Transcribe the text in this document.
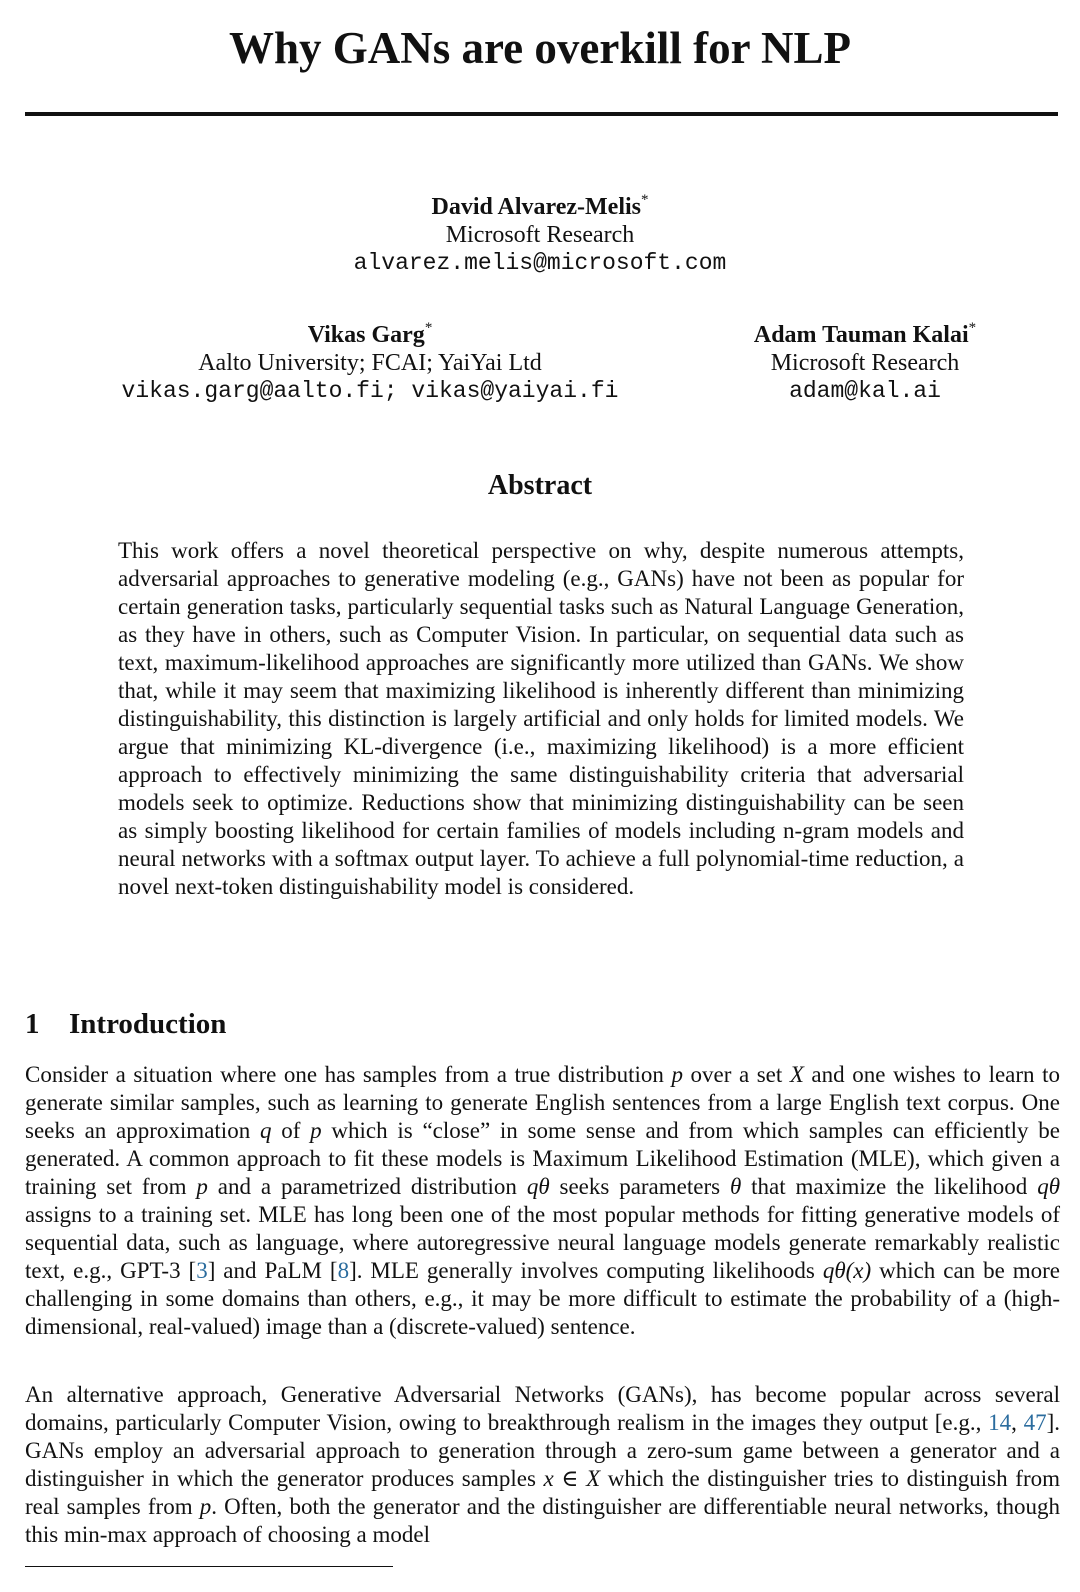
Why GANs are overkill for NLP
David Alvarez-Melis*
Microsoft Research
alvarez.melis@microsoft.com
Vikas Garg*
Aalto University; FCAI; YaiYai Ltd
vikas.garg@aalto.fi; vikas@yaiyai.fi
Adam Tauman Kalai*
Microsoft Research
adam@kal.ai
Abstract
This work offers a novel theoretical perspective on why, despite numerous attempts, adversarial approaches to generative modeling (e.g., GANs) have not been as popular for certain generation tasks, particularly sequential tasks such as Natural Language Generation, as they have in others, such as Computer Vision. In particular, on sequential data such as text, maximum-likelihood approaches are significantly more utilized than GANs. We show that, while it may seem that maximizing likelihood is inherently different than minimizing distinguishability, this distinction is largely artificial and only holds for limited models. We argue that minimizing KL-divergence (i.e., maximizing likelihood) is a more efficient approach to effectively minimizing the same distinguishability criteria that adversarial models seek to optimize. Reductions show that minimizing distinguishability can be seen as simply boosting likelihood for certain families of models including n-gram models and neural networks with a softmax output layer. To achieve a full polynomial-time reduction, a novel next-token distinguishability model is considered.
1 Introduction
Consider a situation where one has samples from a true distribution p over a set X and one wishes to learn to generate similar samples, such as learning to generate English sentences from a large English text corpus. One seeks an approximation q of p which is “close” in some sense and from which samples can efficiently be generated. A common approach to fit these models is Maximum Likelihood Estimation (MLE), which given a training set from p and a parametrized distribution qθ seeks parameters θ that maximize the likelihood qθ assigns to a training set. MLE has long been one of the most popular methods for fitting generative models of sequential data, such as language, where autoregressive neural language models generate remarkably realistic text, e.g., GPT-3 [3] and PaLM [8]. MLE generally involves computing likelihoods qθ(x) which can be more challenging in some domains than others, e.g., it may be more difficult to estimate the probability of a (high-dimensional, real-valued) image than a (discrete-valued) sentence.
An alternative approach, Generative Adversarial Networks (GANs), has become popular across several domains, particularly Computer Vision, owing to breakthrough realism in the images they output [e.g., 14, 47]. GANs employ an adversarial approach to generation through a zero-sum game between a generator and a distinguisher in which the generator produces samples x ∈ X which the distinguisher tries to distinguish from real samples from p. Often, both the generator and the distinguisher are differentiable neural networks, though this min-max approach of choosing a model
